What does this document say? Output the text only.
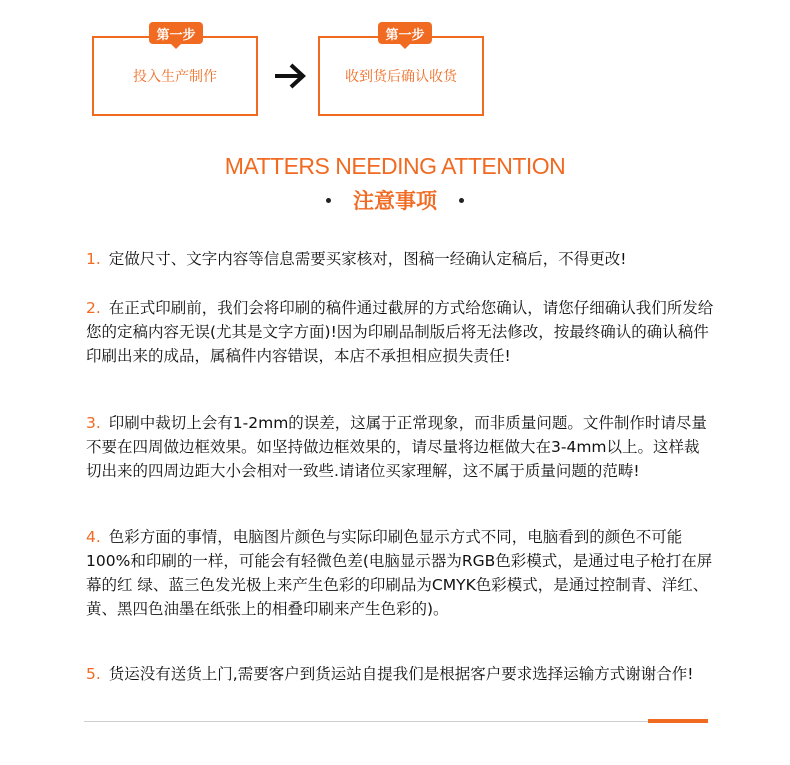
投入生产制作
第一步
收到货后确认收货
第一步
MATTERS NEEDING ATTENTION
注意事项
1. 定做尺寸、文字内容等信息需要买家核对，图稿一经确认定稿后，不得更改!
2. 在正式印刷前，我们会将印刷的稿件通过截屏的方式给您确认，请您仔细确认我们所发给您的定稿内容无误(尤其是文字方面)!因为印刷品制版后将无法修改，按最终确认的确认稿件印刷出来的成品，属稿件内容错误，本店不承担相应损失责任!
3. 印刷中裁切上会有1-2mm的误差，这属于正常现象，而非质量问题。文件制作时请尽量不要在四周做边框效果。如坚持做边框效果的，请尽量将边框做大在3-4mm以上。这样裁切出来的四周边距大小会相对一致些.请诸位买家理解，这不属于质量问题的范畴!
4. 色彩方面的事情，电脑图片颜色与实际印刷色显示方式不同，电脑看到的颜色不可能100%和印刷的一样，可能会有轻微色差(电脑显示器为RGB色彩模式，是通过电子枪打在屏幕的红 绿、蓝三色发光极上来产生色彩的印刷品为CMYK色彩模式，是通过控制青、洋红、黄、黑四色油墨在纸张上的相叠印刷来产生色彩的)。
5. 货运没有送货上门,需要客户到货运站自提我们是根据客户要求选择运输方式谢谢合作!
